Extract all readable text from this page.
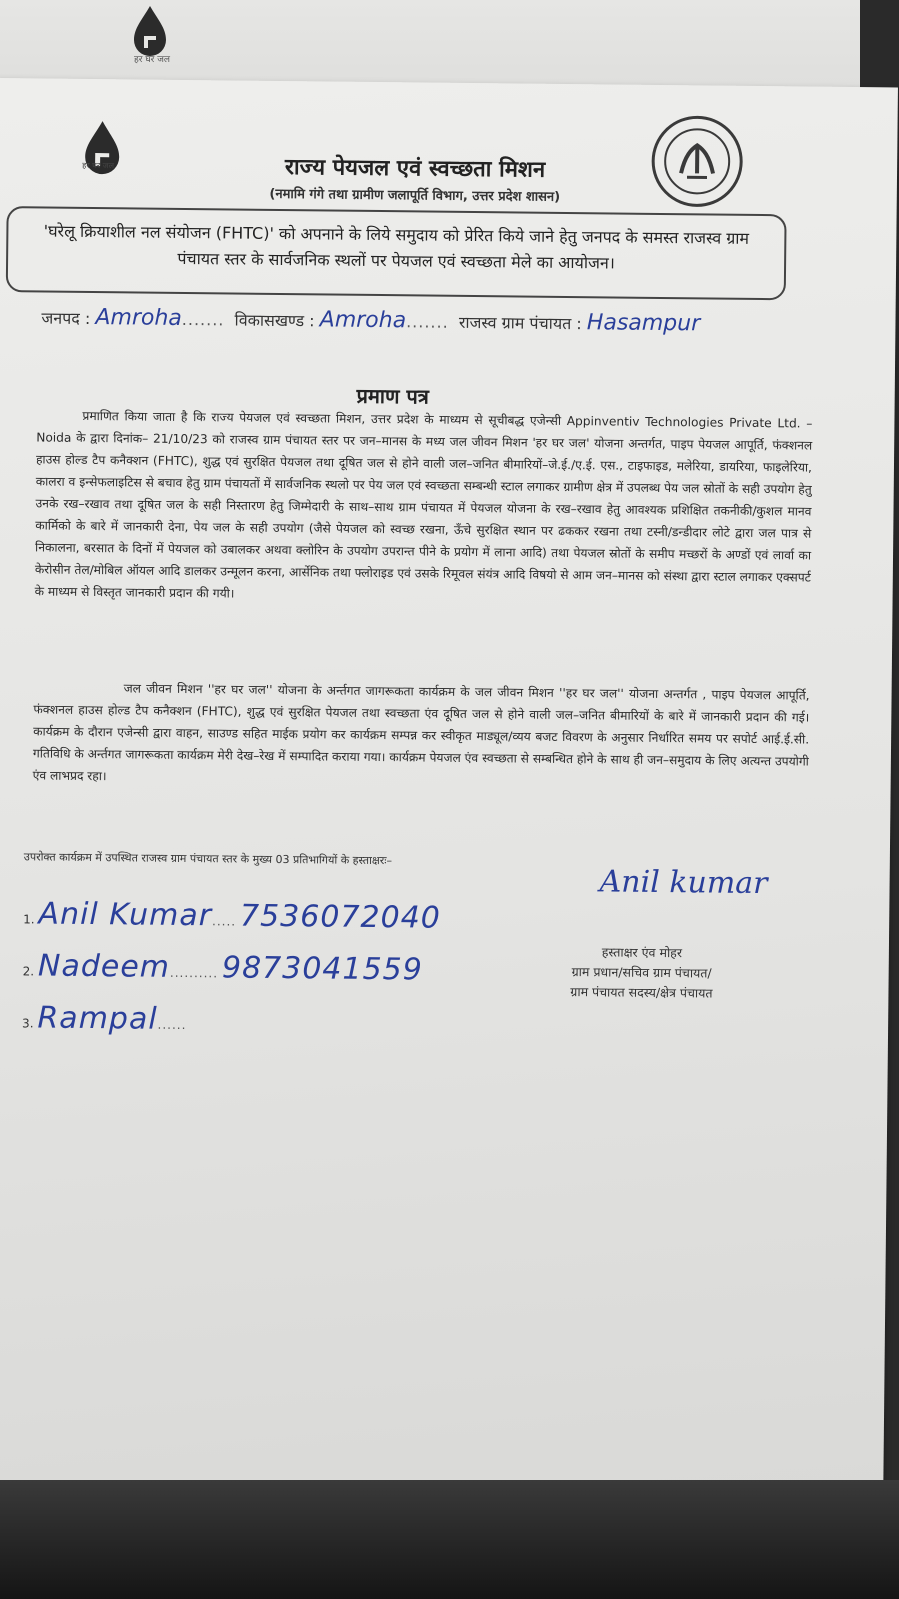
हर घर जल
हर घर जल	राज्य पेयजल एवं स्वच्छता मिशन
(नमामि गंगे तथा ग्रामीण जलापूर्ति विभाग, उत्तर प्रदेश शासन)
'घरेलू क्रियाशील नल संयोजन (FHTC)' को अपनाने के लिये समुदाय को प्रेरित किये जाने हेतु जनपद के समस्त राजस्व ग्राम पंचायत स्तर के सार्वजनिक स्थलों पर पेयजल एवं स्वच्छता मेले का आयोजन।
जनपद : Amroha....... विकासखण्ड : Amroha....... राजस्व ग्राम पंचायत : Hasampur
प्रमाण पत्र
प्रमाणित किया जाता है कि राज्य पेयजल एवं स्वच्छता मिशन, उत्तर प्रदेश के माध्यम से सूचीबद्ध एजेन्सी Appinventiv Technologies Private Ltd. – Noida के द्वारा दिनांक– 21/10/23 को राजस्व ग्राम पंचायत स्तर पर जन–मानस के मध्य जल जीवन मिशन 'हर घर जल' योजना अन्तर्गत, पाइप पेयजल आपूर्ति, फंक्शनल हाउस होल्ड टैप कनैक्शन (FHTC), शुद्ध एवं सुरक्षित पेयजल तथा दूषित जल से होने वाली जल–जनित बीमारियों–जे.ई./ए.ई. एस., टाइफाइड, मलेरिया, डायरिया, फाइलेरिया, कालरा व इन्सेफलाइटिस से बचाव हेतु ग्राम पंचायतों में सार्वजनिक स्थलो पर पेय जल एवं स्वच्छता सम्बन्धी स्टाल लगाकर ग्रामीण क्षेत्र में उपलब्ध पेय जल स्रोतों के सही उपयोग हेतु उनके रख–रखाव तथा दूषित जल के सही निस्तारण हेतु जिम्मेदारी के साथ–साथ ग्राम पंचायत में पेयजल योजना के रख–रखाव हेतु आवश्यक प्रशिक्षित तकनीकी/कुशल मानव कार्मिको के बारे में जानकारी देना, पेय जल के सही उपयोग (जैसे पेयजल को स्वच्छ रखना, ऊँचे सुरक्षित स्थान पर ढककर रखना तथा टस्नी/डन्डीदार लोटे द्वारा जल पात्र से निकालना, बरसात के दिनों में पेयजल को उबालकर अथवा क्लोरिन के उपयोग उपरान्त पीने के प्रयोग में लाना आदि) तथा पेयजल स्रोतों के समीप मच्छरों के अण्डों एवं लार्वा का केरोसीन तेल/मोबिल ऑयल आदि डालकर उन्मूलन करना, आर्सेनिक तथा फ्लोराइड एवं उसके रिमूवल संयंत्र आदि विषयो से आम जन–मानस को संस्था द्वारा स्टाल लगाकर एक्सपर्ट के माध्यम से विस्तृत जानकारी प्रदान की गयी।
जल जीवन मिशन ''हर घर जल'' योजना के अर्न्तगत जागरूकता कार्यक्रम के जल जीवन मिशन ''हर घर जल'' योजना अन्तर्गत , पाइप पेयजल आपूर्ति, फंक्शनल हाउस होल्ड टैप कनैक्शन (FHTC), शुद्ध एवं सुरक्षित पेयजल तथा स्वच्छता एंव दूषित जल से होने वाली जल–जनित बीमारियों के बारे में जानकारी प्रदान की गई। कार्यक्रम के दौरान एजेन्सी द्वारा वाहन, साउण्ड सहित माईक प्रयोग कर कार्यक्रम सम्पन्न कर स्वीकृत माड्यूल/व्यय बजट विवरण के अनुसार निर्धारित समय पर सपोर्ट आई.ई.सी. गतिविधि के अर्न्तगत जागरूकता कार्यक्रम मेरी देख–रेख में सम्पादित कराया गया। कार्यक्रम पेयजल एंव स्वच्छता से सम्बन्धित होने के साथ ही जन–समुदाय के लिए अत्यन्त उपयोगी एंव लाभप्रद रहा।
उपरोक्त कार्यक्रम में उपस्थित राजस्व ग्राम पंचायत स्तर के मुख्य 03 प्रतिभागियों के हस्ताक्षरः–
1. Anil Kumar..... 7536072040
2. Nadeem.......... 9873041559
3. Rampal......
Anil kumar
हस्ताक्षर एंव मोहर
ग्राम प्रधान/सचिव ग्राम पंचायत/
ग्राम पंचायत सदस्य/क्षेत्र पंचायत
